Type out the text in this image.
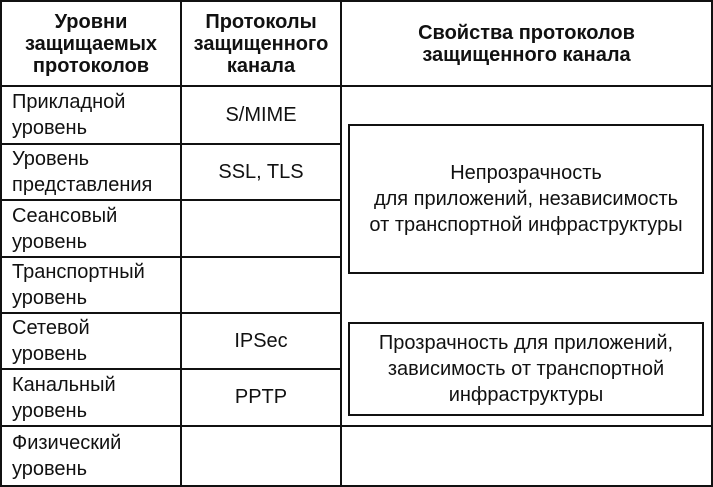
Уровни
защищаемых
протоколов
Протоколы
защищенного
канала
Свойства протоколов
защищенного канала
Прикладной
уровень
S/MIME
Уровень
представления
SSL, TLS
Сеансовый
уровень
Транспортный
уровень
Сетевой
уровень
IPSec
Канальный
уровень
PPTP
Физический
уровень
Непрозрачность
для приложений, независимость
от транспортной инфраструктуры
Прозрачность для приложений,
зависимость от транспортной
инфраструктуры
